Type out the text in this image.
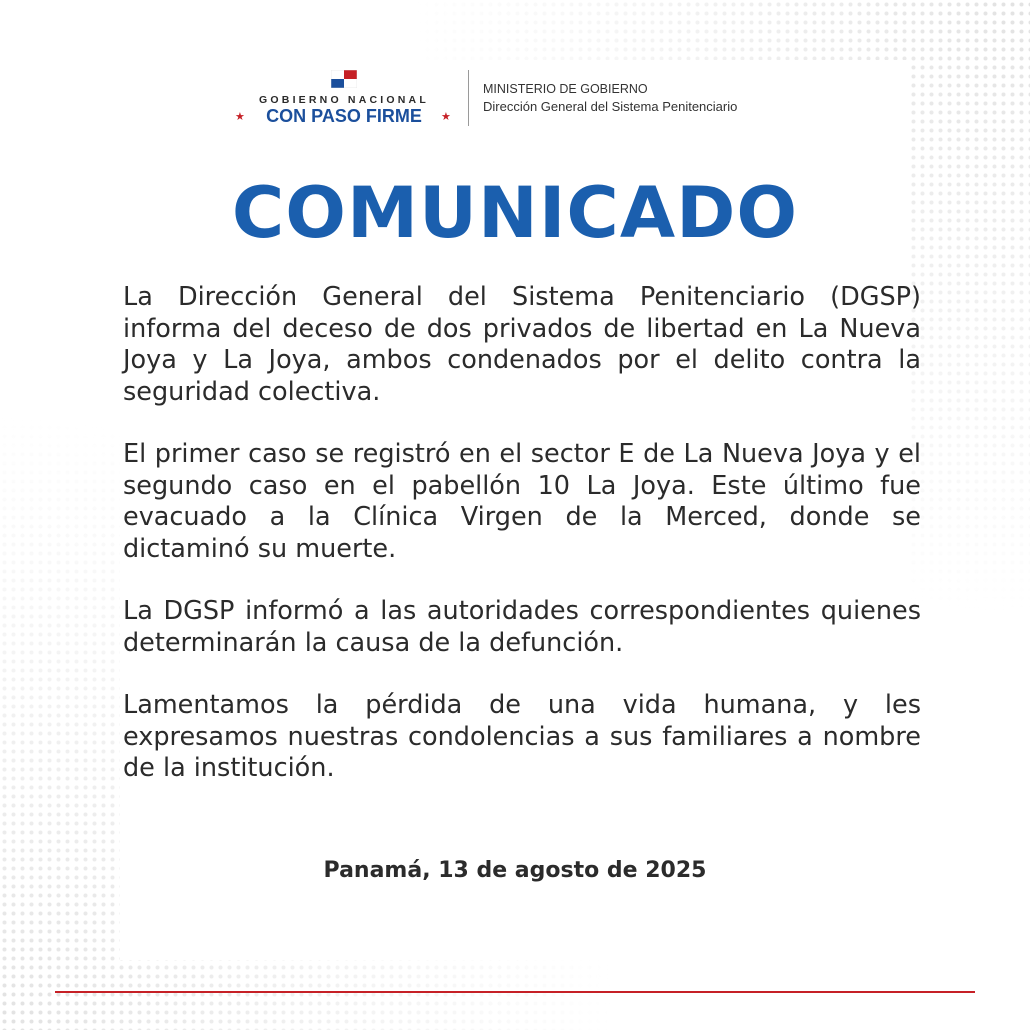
GOBIERNO NACIONAL
★	CON PASO FIRME	★
MINISTERIO DE GOBIERNO
Dirección General del Sistema Penitenciario
COMUNICADO

La Dirección General del Sistema Penitenciario (DGSP) informa del deceso de dos privados de libertad en La Nueva Joya y La Joya, ambos condenados por el delito contra la seguridad colectiva.

El primer caso se registró en el sector E de La Nueva Joya y el segundo caso en el pabellón 10 La Joya. Este último fue evacuado a la Clínica Virgen de la Merced, donde se dictaminó su muerte.

La DGSP informó a las autoridades correspondientes quienes determinarán la causa de la defunción.

Lamentamos la pérdida de una vida humana, y les expresamos nuestras condolencias a sus familiares a nombre de la institución.

Panamá, 13 de agosto de 2025
